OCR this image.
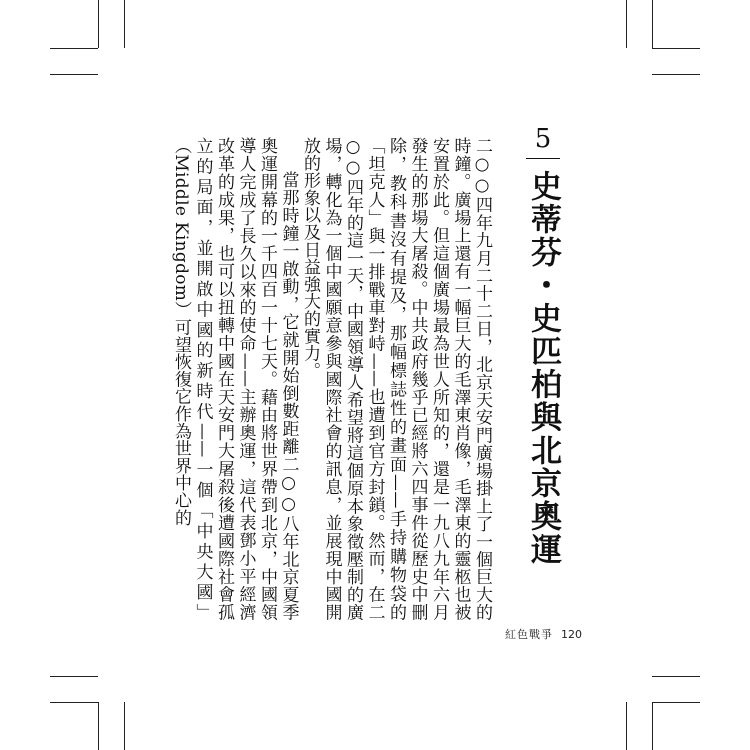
5
史蒂芬・史匹柏與北京奧運

二○○四年九月二十二日，北京天安門廣場掛上了一個巨大的時鐘。廣場上還有一幅巨大的毛澤東肖像，毛澤東的靈柩也被安置於此。但這個廣場最為世人所知的，還是一九八九年六月發生的那場大屠殺。中共政府幾乎已經將六四事件從歷史中刪除，教科書沒有提及，那幅標誌性的畫面——手持購物袋的「坦克人」與一排戰車對峙——也遭到官方封鎖。然而，在二○○四年的這一天，中國領導人希望將這個原本象徵壓制的廣場，轉化為一個中國願意參與國際社會的訊息，並展現中國開放的形象以及日益強大的實力。

當那時鐘一啟動，它就開始倒數距離二○○八年北京夏季奧運開幕的一千四百一十七天。藉由將世界帶到北京，中國領導人完成了長久以來的使命——主辦奧運，這代表鄧小平經濟改革的成果，也可以扭轉中國在天安門大屠殺後遭國際社會孤立的局面，並開啟中國的新時代——一個「中央大國」（Middle Kingdom）可望恢復它作為世界中心的

紅色戰爭 120
